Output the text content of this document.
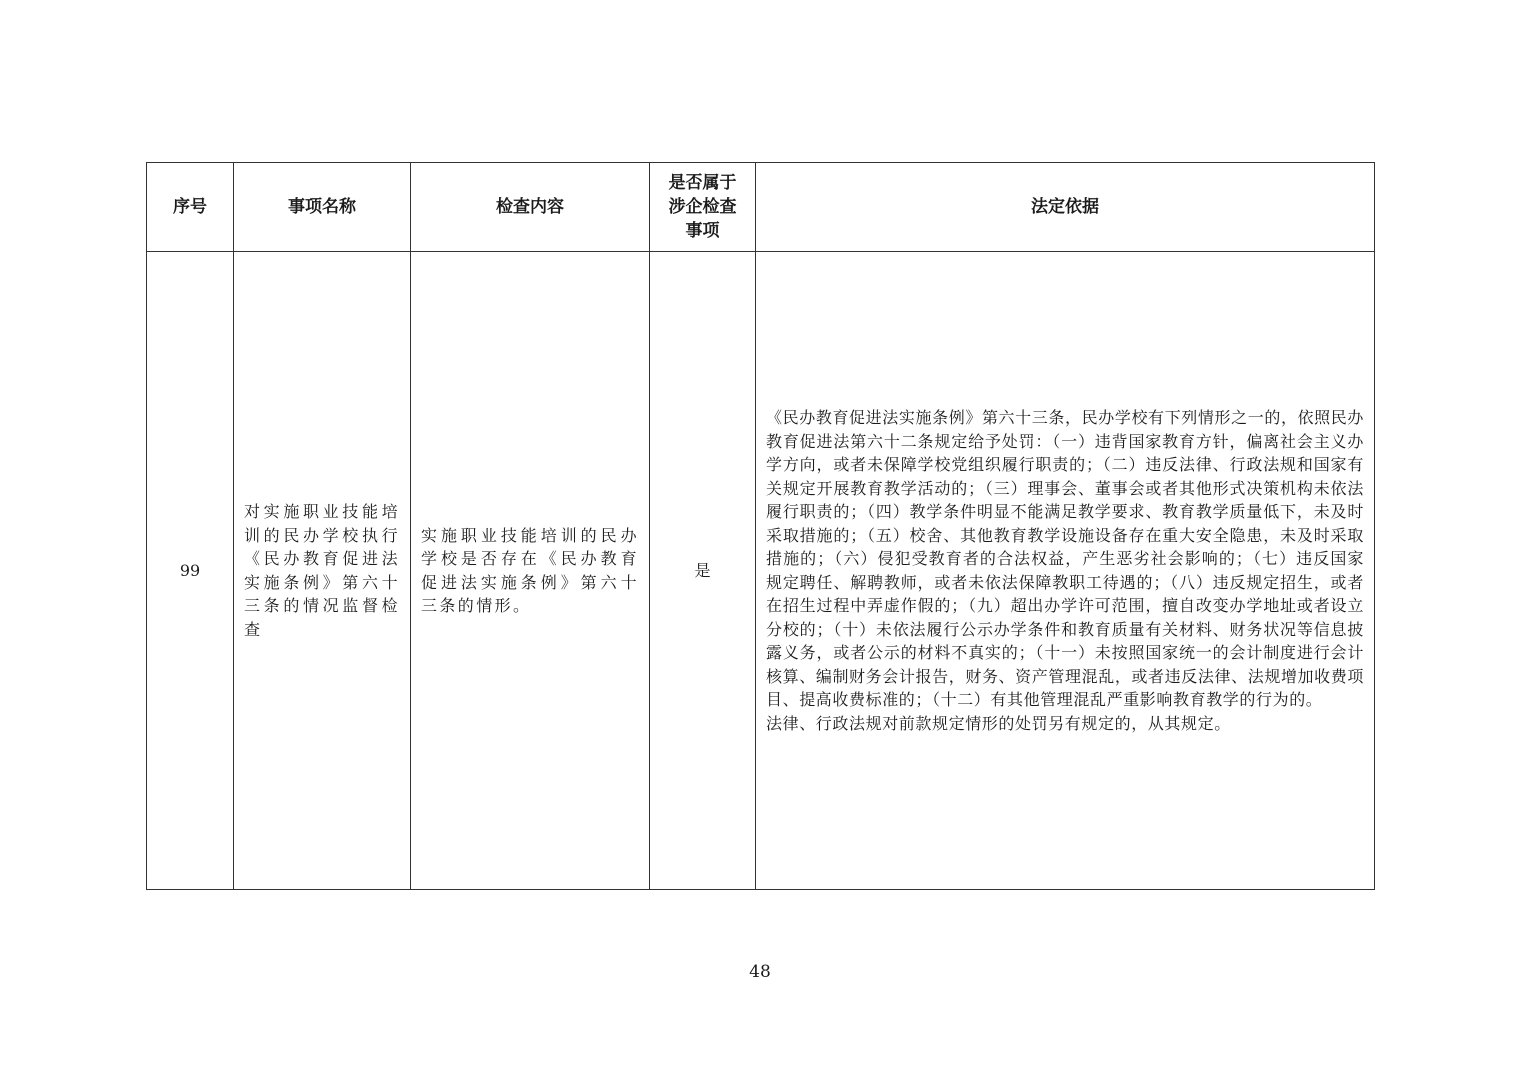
序号	事项名称	检查内容	是否属于涉企检查事项	法定依据
99	对实施职业技能培训的民办学校执行《民办教育促进法实施条例》第六十三条的情况监督检查	实施职业技能培训的民办学校是否存在《民办教育促进法实施条例》第六十三条的情形。	是	《民办教育促进法实施条例》第六十三条，民办学校有下列情形之一的，依照民办教育促进法第六十二条规定给予处罚：（一）违背国家教育方针，偏离社会主义办学方向，或者未保障学校党组织履行职责的；（二）违反法律、行政法规和国家有关规定开展教育教学活动的；（三）理事会、董事会或者其他形式决策机构未依法履行职责的；（四）教学条件明显不能满足教学要求、教育教学质量低下，未及时采取措施的；（五）校舍、其他教育教学设施设备存在重大安全隐患，未及时采取措施的；（六）侵犯受教育者的合法权益，产生恶劣社会影响的；（七）违反国家规定聘任、解聘教师，或者未依法保障教职工待遇的；（八）违反规定招生，或者在招生过程中弄虚作假的；（九）超出办学许可范围，擅自改变办学地址或者设立分校的；（十）未依法履行公示办学条件和教育质量有关材料、财务状况等信息披露义务，或者公示的材料不真实的；（十一）未按照国家统一的会计制度进行会计核算、编制财务会计报告，财务、资产管理混乱，或者违反法律、法规增加收费项目、提高收费标准的；（十二）有其他管理混乱严重影响教育教学的行为的。

法律、行政法规对前款规定情形的处罚另有规定的，从其规定。

48
